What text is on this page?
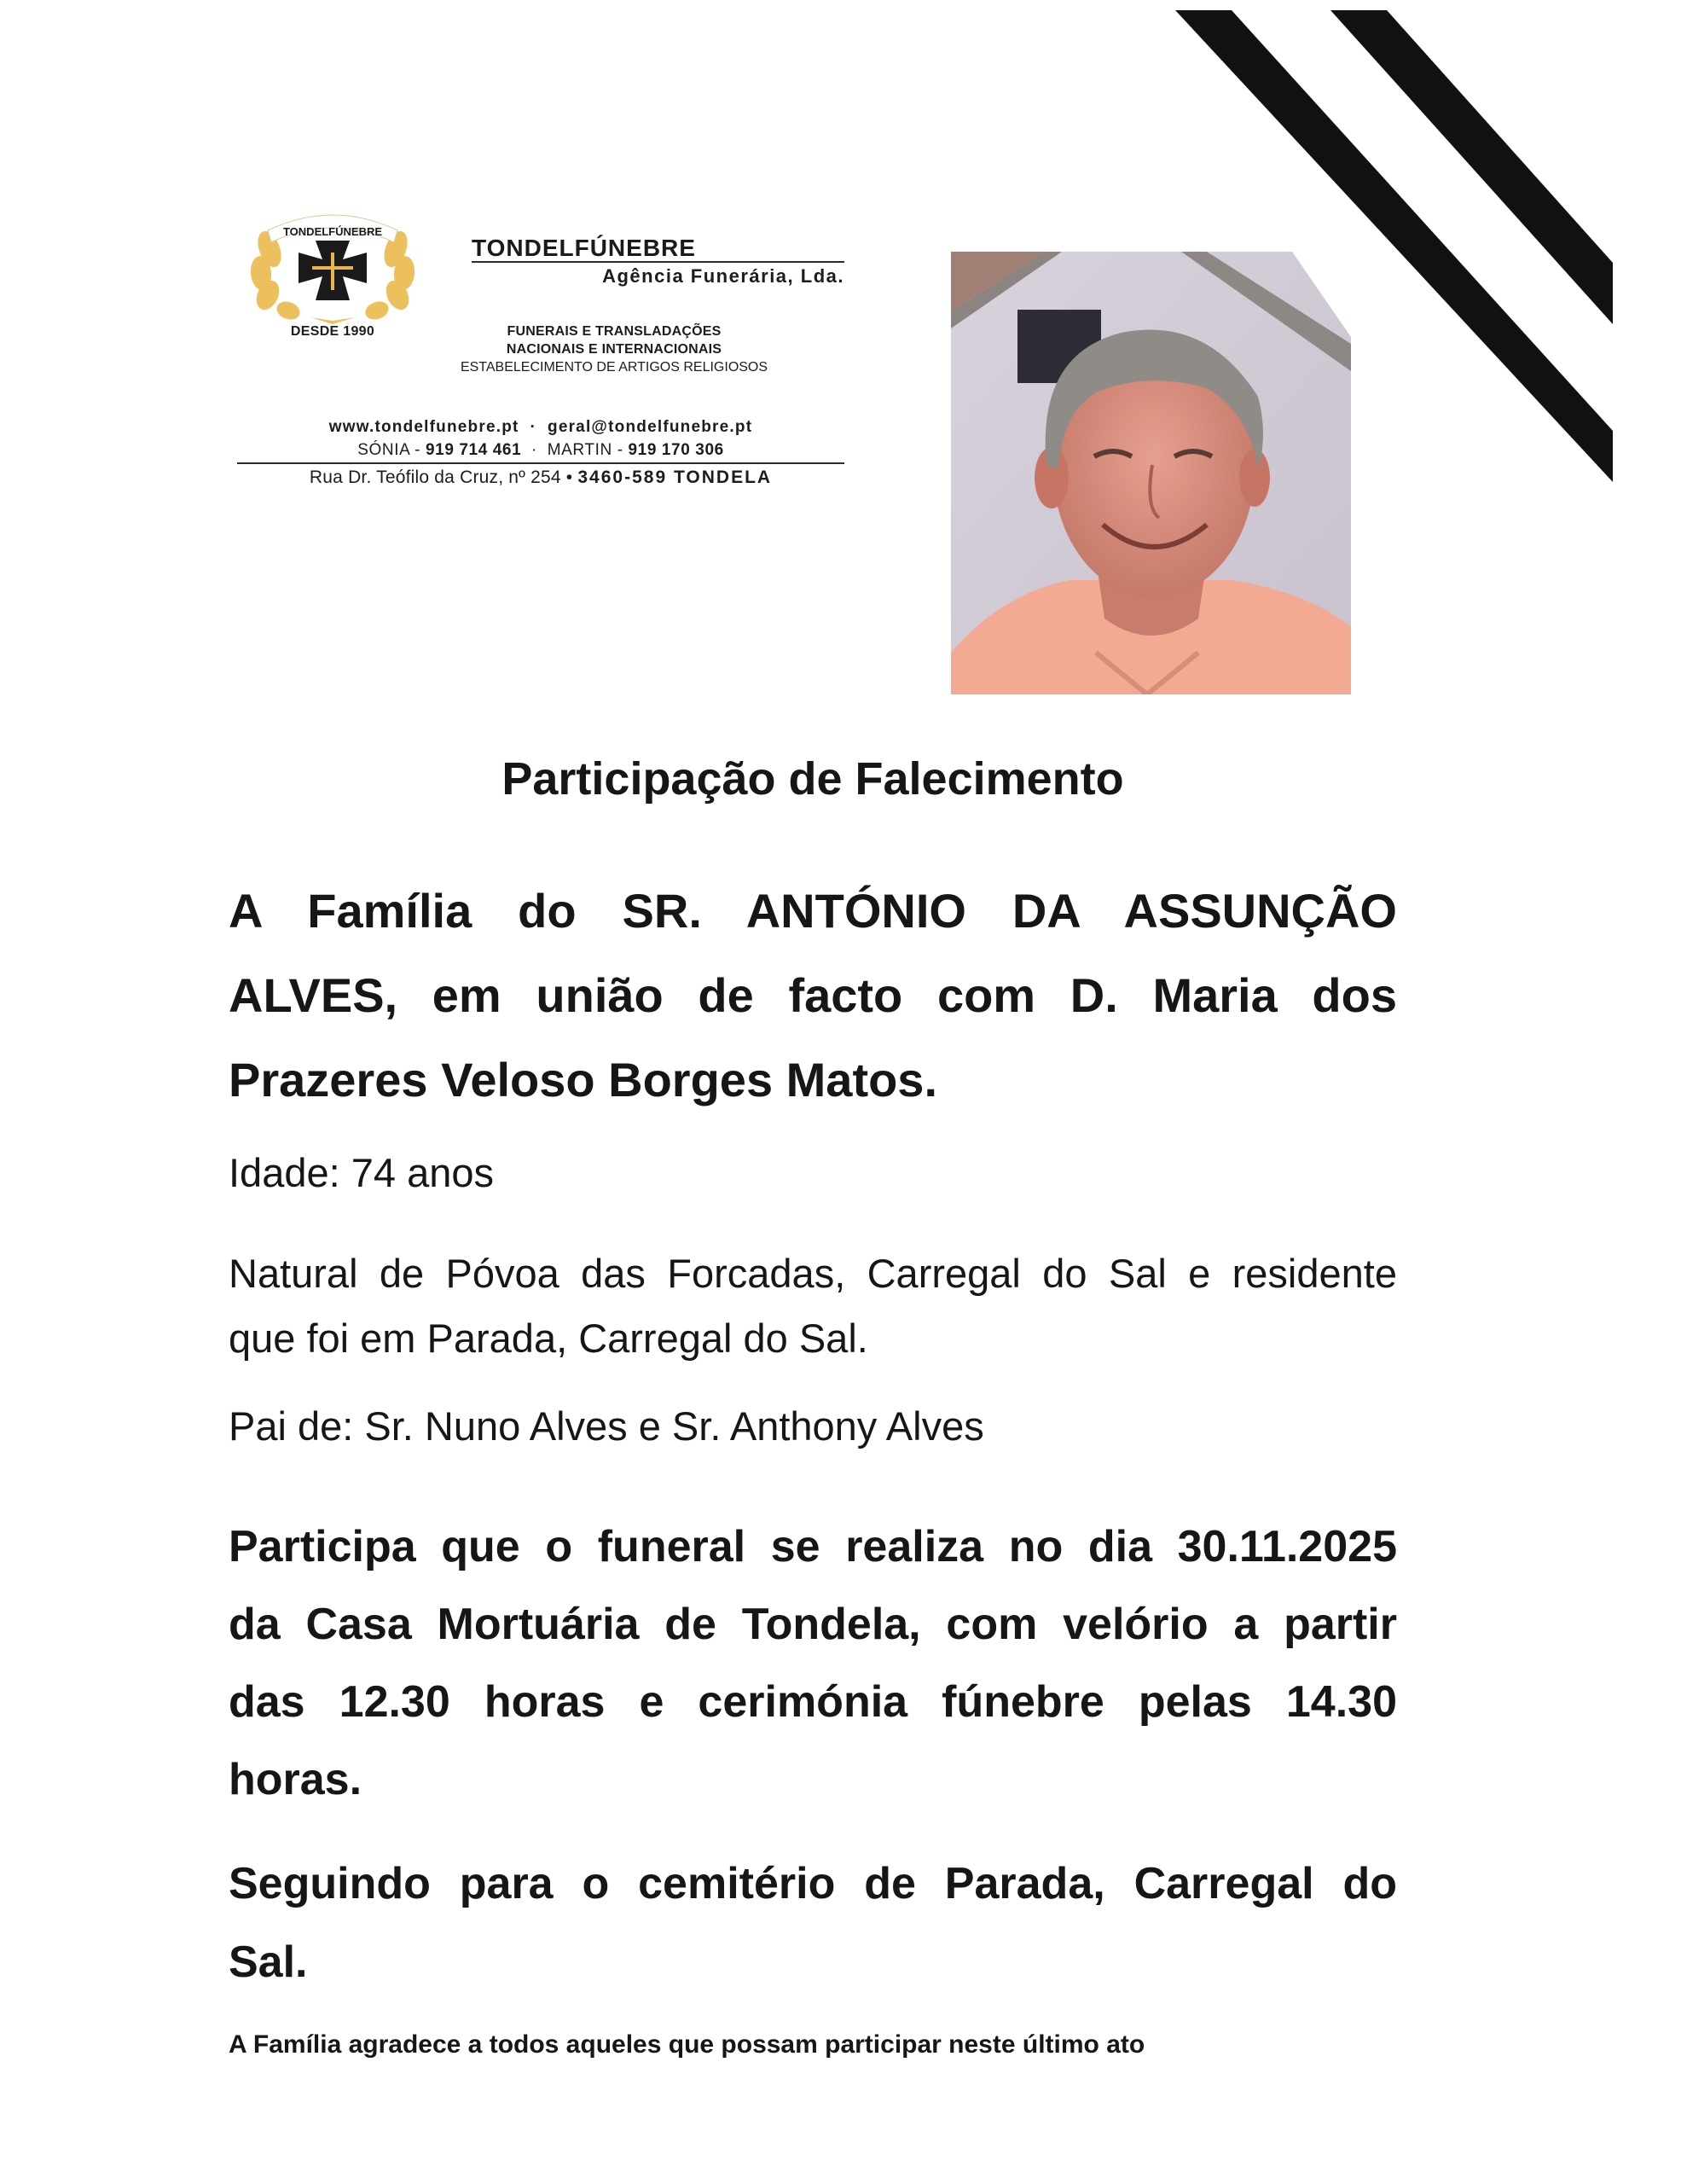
TONDELFÚNEBRE
DESDE 1990
TONDELFÚNEBRE
Agência Funerária, Lda.
FUNERAIS E TRANSLADAÇÕES
NACIONAIS E INTERNACIONAIS
ESTABELECIMENTO DE ARTIGOS RELIGIOSOS
www.tondelfunebre.pt · geral@tondelfunebre.pt
SÓNIA - 919 714 461 · MARTIN - 919 170 306
Rua Dr. Teófilo da Cruz, nº 254 • 3460-589 TONDELA
Participação de Falecimento
A Família do SR. ANTÓNIO DA ASSUNÇÃO
ALVES, em união de facto com D. Maria dos
Prazeres Veloso Borges Matos.
Idade: 74 anos
Natural de Póvoa das Forcadas, Carregal do Sal e residente
que foi em Parada, Carregal do Sal.
Pai de: Sr. Nuno Alves e Sr. Anthony Alves
Participa que o funeral se realiza no dia 30.11.2025
da Casa Mortuária de Tondela, com velório a partir
das 12.30 horas e cerimónia fúnebre pelas 14.30
horas.
Seguindo para o cemitério de Parada, Carregal do
Sal.
A Família agradece a todos aqueles que possam participar neste último ato
